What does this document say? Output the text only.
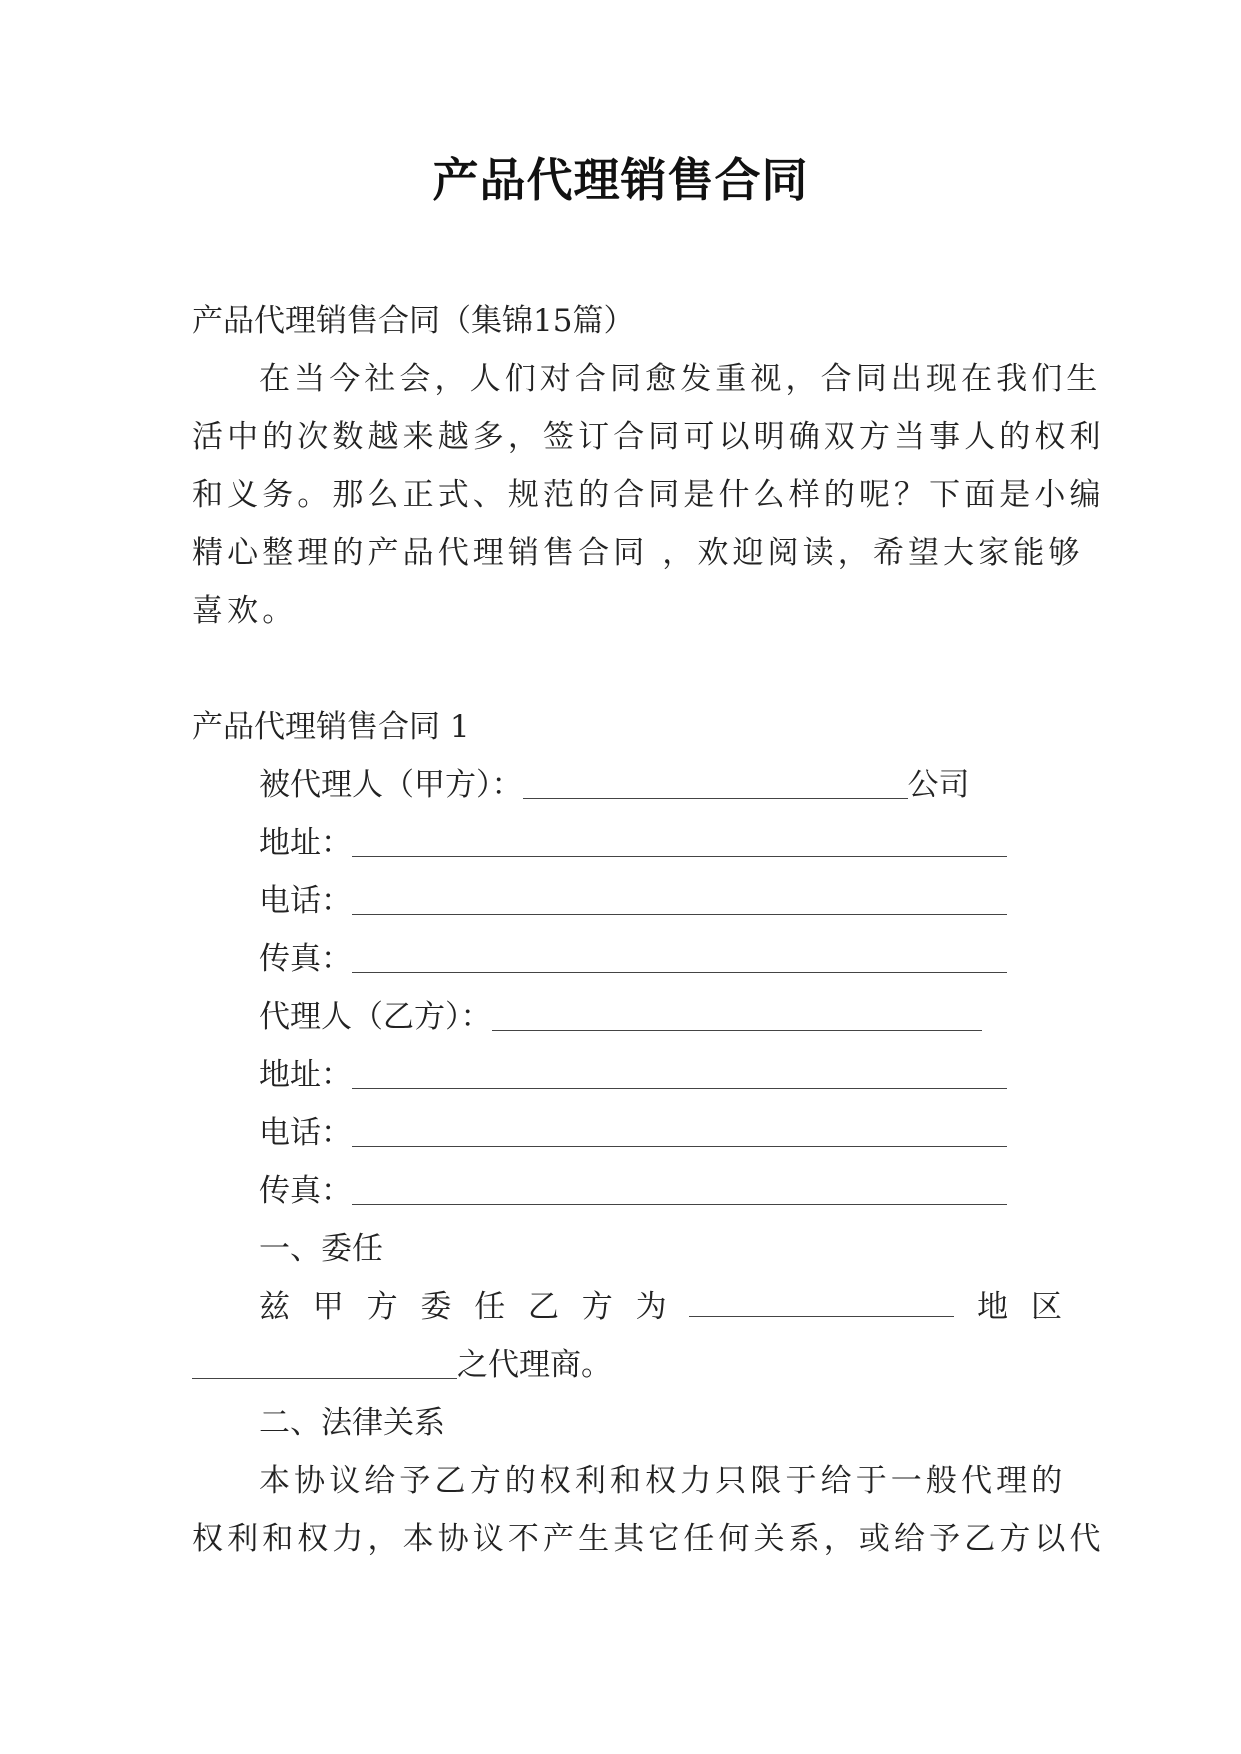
产品代理销售合同
产品代理销售合同（集锦15篇）
在当今社会，人们对合同愈发重视，合同出现在我们生
活中的次数越来越多，签订合同可以明确双方当事人的权利
和义务。那么正式、规范的合同是什么样的呢？下面是小编
精心整理的产品代理销售合同 ，欢迎阅读，希望大家能够
喜欢。
产品代理销售合同 1
被代理人（甲方）：	公司
地址：
电话：
传真：
代理人（乙方）：
地址：
电话：
传真：
一、委任
兹 甲 方 委 任 乙 方 为	地 区
之代理商。
二、法律关系
本协议给予乙方的权利和权力只限于给于一般代理的
权利和权力，本协议不产生其它任何关系，或给予乙方以代
